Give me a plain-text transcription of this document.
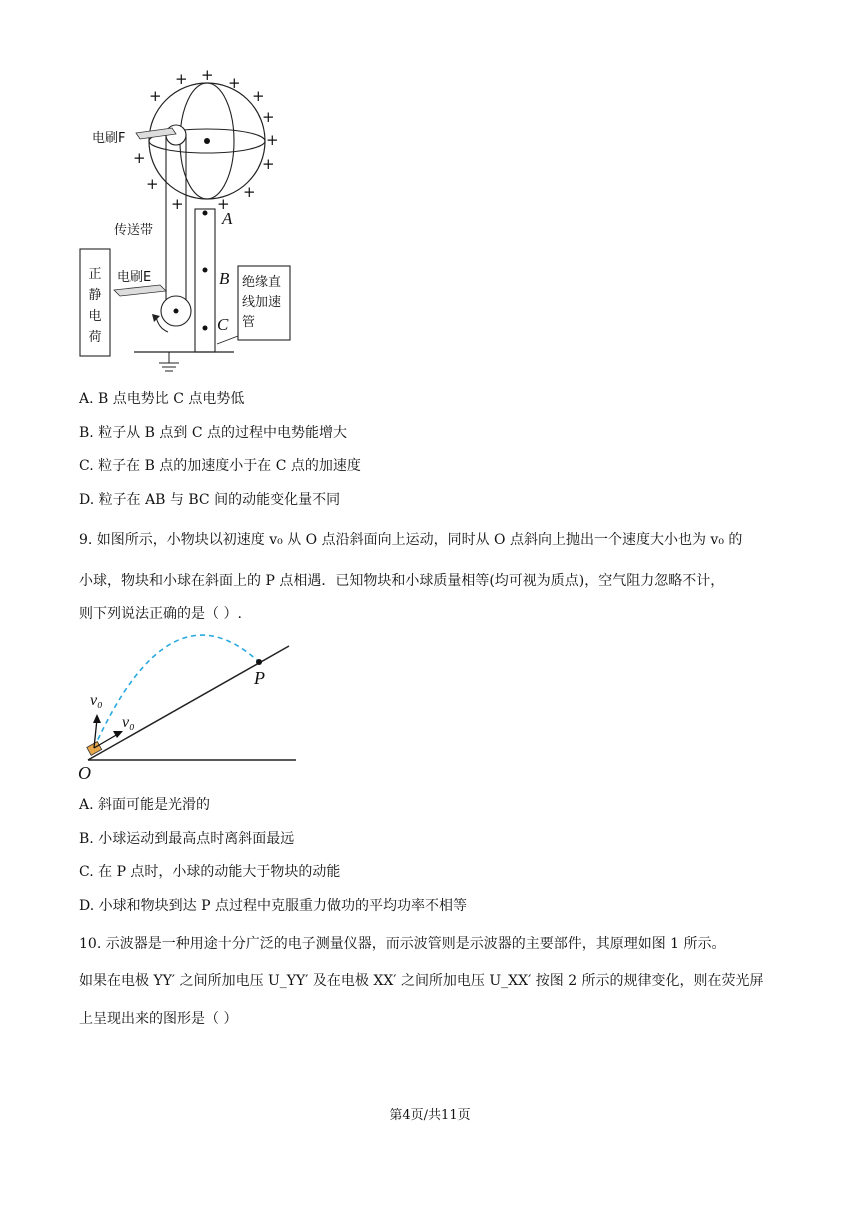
+ + +
+
+
+
+
+
+
+	+
+ +
电刷F
传送带
电刷E
正静电荷
绝缘直线加速管
A
B
C
A. B 点电势比 C 点电势低
B. 粒子从 B 点到 C 点的过程中电势能增大
C. 粒子在 B 点的加速度小于在 C 点的加速度
D. 粒子在 AB 与 BC 间的动能变化量不同
9. 如图所示，小物块以初速度 v₀ 从 O 点沿斜面向上运动，同时从 O 点斜向上抛出一个速度大小也为 v₀ 的
小球，物块和小球在斜面上的 P 点相遇．已知物块和小球质量相等(均可视为质点)，空气阻力忽略不计，
则下列说法正确的是（ ）.
O
P
v₀
v₀
A. 斜面可能是光滑的
B. 小球运动到最高点时离斜面最远
C. 在 P 点时，小球的动能大于物块的动能
D. 小球和物块到达 P 点过程中克服重力做功的平均功率不相等
10. 示波器是一种用途十分广泛的电子测量仪器，而示波管则是示波器的主要部件，其原理如图 1 所示。
如果在电极 YY′ 之间所加电压 U_YY′ 及在电极 XX′ 之间所加电压 U_XX′ 按图 2 所示的规律变化，则在荧光屏
上呈现出来的图形是（ ）
第4页/共11页
